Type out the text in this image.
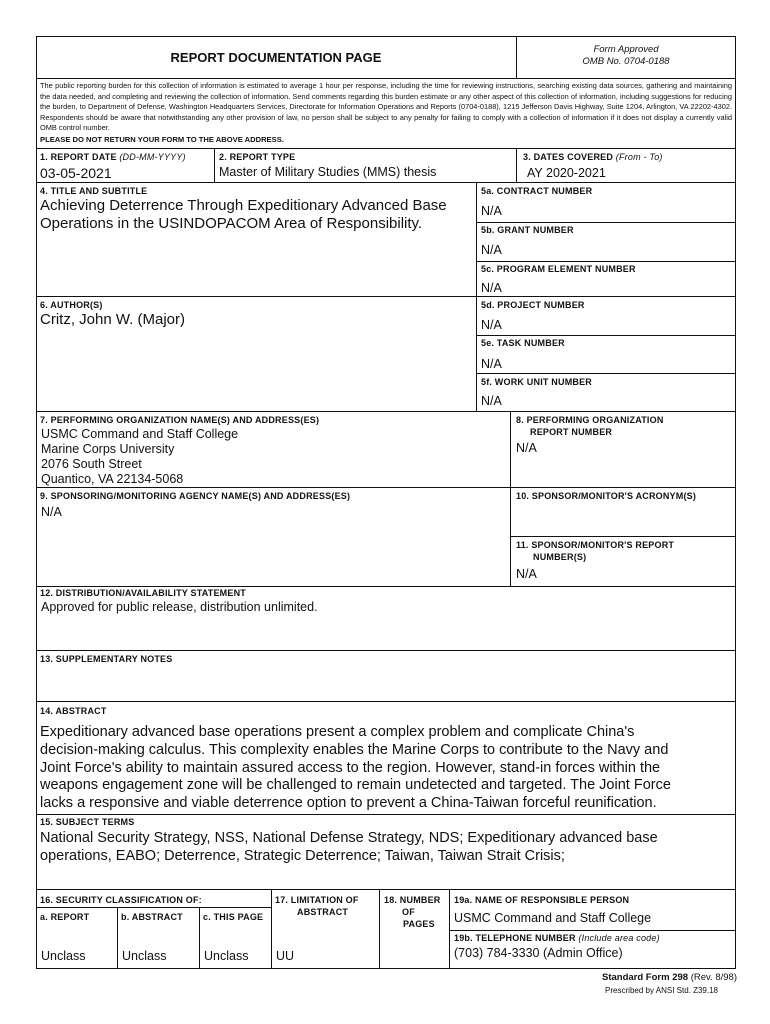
REPORT DOCUMENTATION PAGE
Form Approved
OMB No. 0704-0188
The public reporting burden for this collection of information is estimated to average 1 hour per response, including the time for reviewing instructions, searching existing data sources, gathering and maintaining the data needed, and completing and reviewing the collection of information. Send comments regarding this burden estimate or any other aspect of this collection of information, including suggestions for reducing the burden, to Department of Defense, Washington Headquarters Services, Directorate for Information Operations and Reports (0704-0188), 1215 Jefferson Davis Highway, Suite 1204, Arlington, VA 22202-4302. Respondents should be aware that notwithstanding any other provision of law, no person shall be subject to any penalty for failing to comply with a collection of information if it does not display a currently valid OMB control number.
PLEASE DO NOT RETURN YOUR FORM TO THE ABOVE ADDRESS.
1. REPORT DATE (DD-MM-YYYY)
03-05-2021
2. REPORT TYPE
Master of Military Studies (MMS) thesis
3. DATES COVERED (From - To)
AY 2020-2021
4. TITLE AND SUBTITLE
Achieving Deterrence Through Expeditionary Advanced Base
Operations in the USINDOPACOM Area of Responsibility.
6. AUTHOR(S)
Critz, John W. (Major)
5a. CONTRACT NUMBER
N/A
5b. GRANT NUMBER
N/A
5c. PROGRAM ELEMENT NUMBER
N/A
5d. PROJECT NUMBER
N/A
5e. TASK NUMBER
N/A
5f. WORK UNIT NUMBER
N/A
7. PERFORMING ORGANIZATION NAME(S) AND ADDRESS(ES)
USMC Command and Staff College
Marine Corps University
2076 South Street
Quantico, VA 22134-5068
8. PERFORMING ORGANIZATION
REPORT NUMBER
N/A
9. SPONSORING/MONITORING AGENCY NAME(S) AND ADDRESS(ES)
N/A
10. SPONSOR/MONITOR'S ACRONYM(S)
11. SPONSOR/MONITOR'S REPORT
NUMBER(S)
N/A
12. DISTRIBUTION/AVAILABILITY STATEMENT
Approved for public release, distribution unlimited.
13. SUPPLEMENTARY NOTES
14. ABSTRACT
Expeditionary advanced base operations present a complex problem and complicate China's
decision-making calculus. This complexity enables the Marine Corps to contribute to the Navy and
Joint Force's ability to maintain assured access to the region. However, stand-in forces within the
weapons engagement zone will be challenged to remain undetected and targeted. The Joint Force
lacks a responsive and viable deterrence option to prevent a China-Taiwan forceful reunification.
15. SUBJECT TERMS
National Security Strategy, NSS, National Defense Strategy, NDS; Expeditionary advanced base
operations, EABO; Deterrence, Strategic Deterrence; Taiwan, Taiwan Strait Crisis;
16. SECURITY CLASSIFICATION OF:
a. REPORT	b. ABSTRACT c. THIS PAGE
Unclass	Unclass	Unclass
17. LIMITATION OF
ABSTRACT
UU
18. NUMBER
OF
PAGES
19a. NAME OF RESPONSIBLE PERSON
USMC Command and Staff College
19b. TELEPHONE NUMBER (Include area code)
(703) 784-3330 (Admin Office)
Standard Form 298 (Rev. 8/98)
Prescribed by ANSI Std. Z39.18
